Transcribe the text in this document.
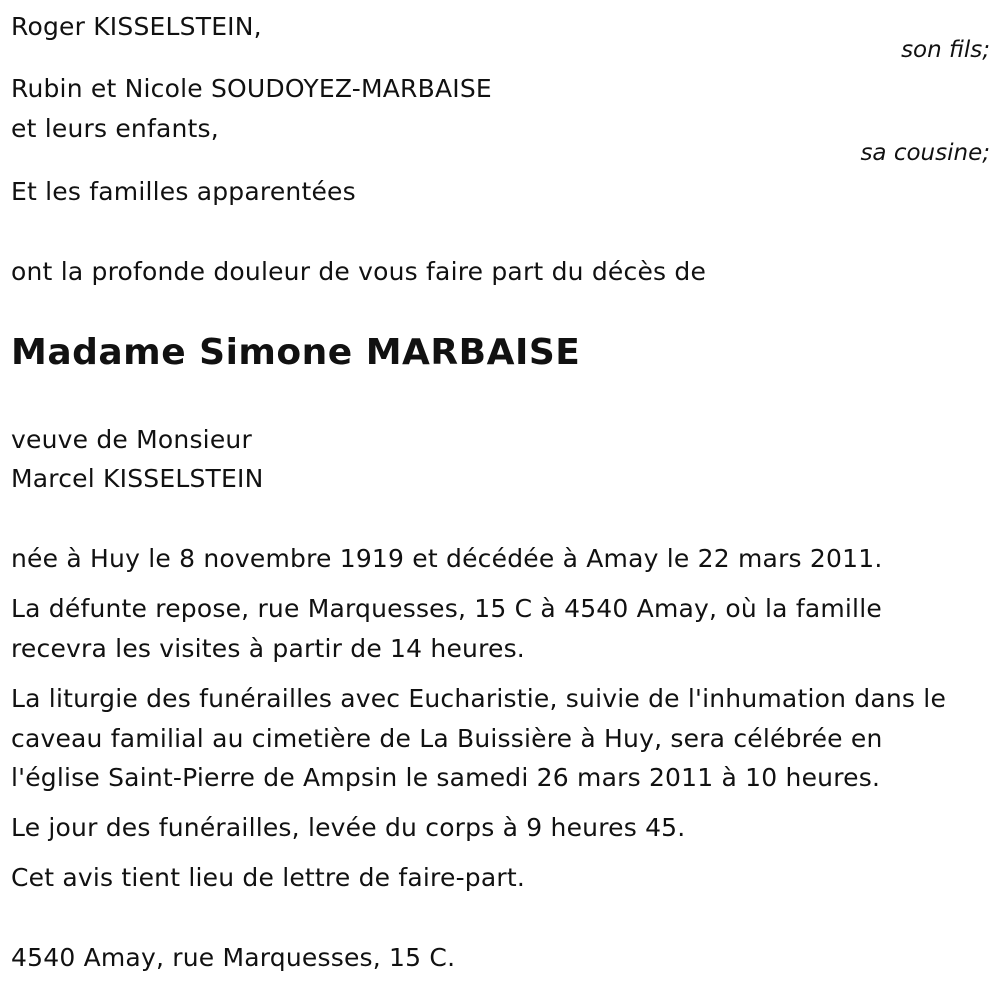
Roger KISSELSTEIN,
son fils;
Rubin et Nicole SOUDOYEZ-MARBAISE
et leurs enfants,
sa cousine;
Et les familles apparentées
ont la profonde douleur de vous faire part du décès de
Madame Simone MARBAISE
veuve de Monsieur
Marcel KISSELSTEIN
née à Huy le 8 novembre 1919 et décédée à Amay le 22 mars 2011.
La défunte repose, rue Marquesses, 15 C à 4540 Amay, où la famille
recevra les visites à partir de 14 heures.
La liturgie des funérailles avec Eucharistie, suivie de l'inhumation dans le
caveau familial au cimetière de La Buissière à Huy, sera célébrée en
l'église Saint-Pierre de Ampsin le samedi 26 mars 2011 à 10 heures.
Le jour des funérailles, levée du corps à 9 heures 45.
Cet avis tient lieu de lettre de faire-part.
4540 Amay, rue Marquesses, 15 C.
